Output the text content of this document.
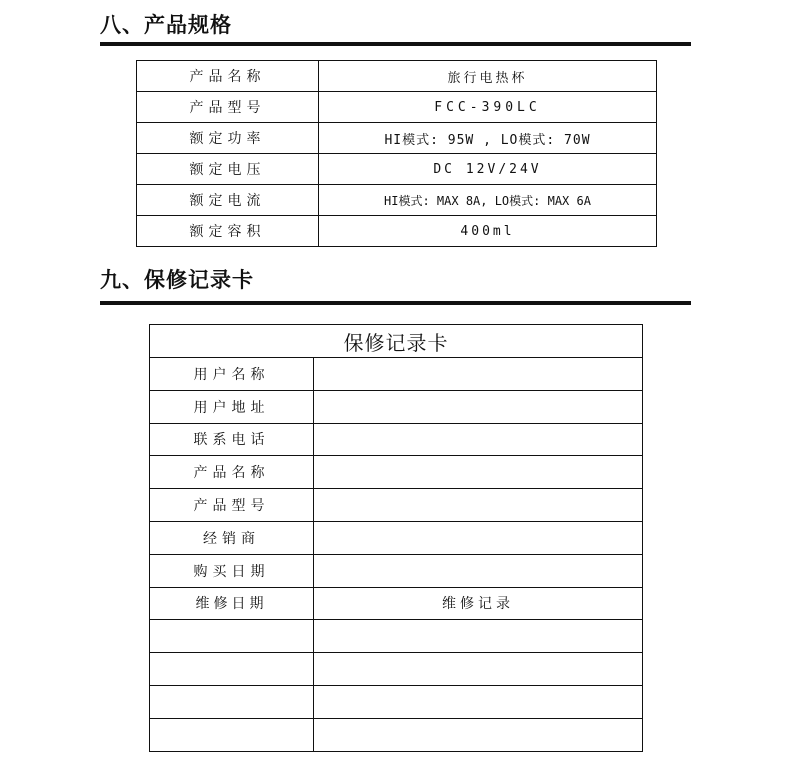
八、产品规格
产品名称	旅行电热杯
产品型号	FCC-390LC
额定功率	HI模式: 95W , LO模式: 70W
额定电压	DC 12V/24V
额定电流	HI模式: MAX 8A, LO模式: MAX 6A
额定容积	400ml
九、保修记录卡
保修记录卡	
用户名称	
用户地址	
联系电话	
产品名称	
产品型号	
经销商	
购买日期	
维修日期	维修记录
